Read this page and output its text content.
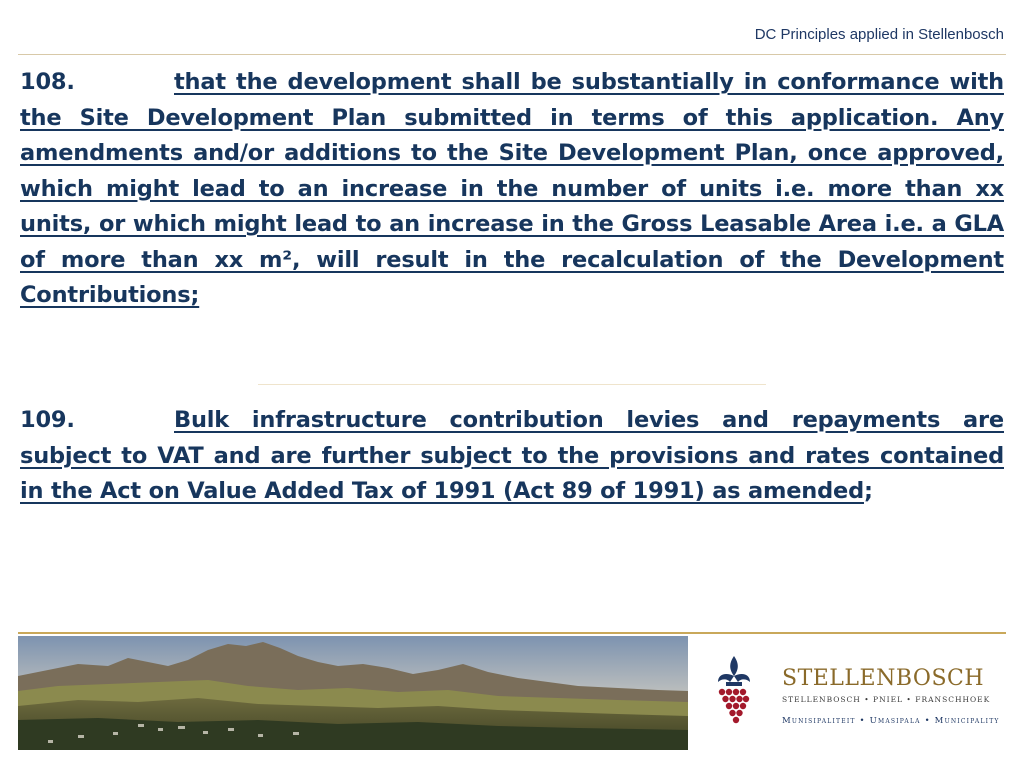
DC Principles applied in Stellenbosch

108.	that the development shall be substantially in conformance with the Site Development Plan submitted in terms of this application. Any amendments and/or additions to the Site Development Plan, once approved, which might lead to an increase in the number of units i.e. more than xx units, or which might lead to an increase in the Gross Leasable Area i.e. a GLA of more than xx m², will result in the recalculation of the Development Contributions;

109.	Bulk infrastructure contribution levies and repayments are subject to VAT and are further subject to the provisions and rates contained in the Act on Value Added Tax of 1991 (Act 89 of 1991) as amended;

STELLENBOSCH
STELLENBOSCH • PNIEL • FRANSCHHOEK
Munisipaliteit • Umasipala • Municipality
